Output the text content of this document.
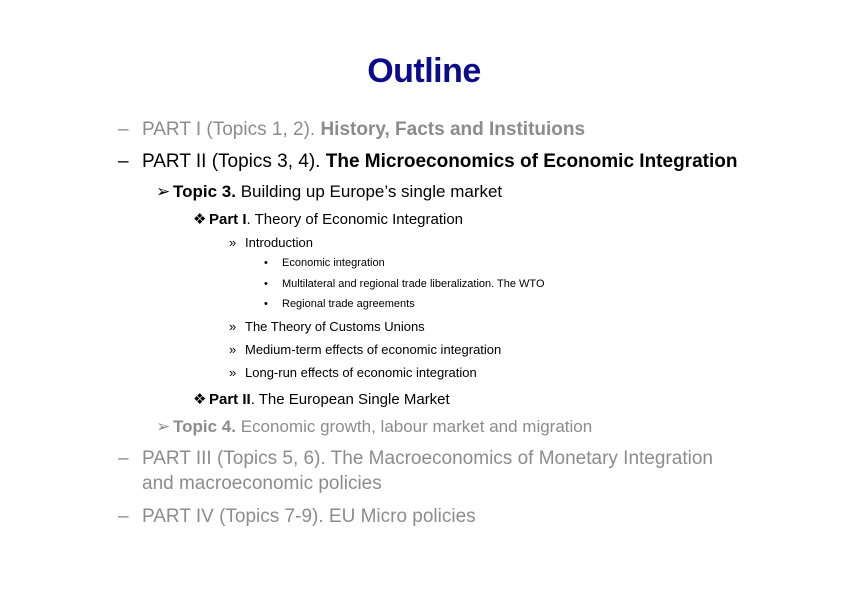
Outline
– PART I (Topics 1, 2). History, Facts and Instituions
– PART II (Topics 3, 4). The Microeconomics of Economic Integration
➢ Topic 3. Building up Europe’s single market
❖ Part I. Theory of Economic Integration
» Introduction
• Economic integration
• Multilateral and regional trade liberalization. The WTO
• Regional trade agreements
» The Theory of Customs Unions
» Medium-term effects of economic integration
» Long-run effects of economic integration
❖ Part II. The European Single Market
➢ Topic 4. Economic growth, labour market and migration
– PART III (Topics 5, 6). The Macroeconomics of Monetary Integration
and macroeconomic policies
– PART IV (Topics 7-9). EU Micro policies
